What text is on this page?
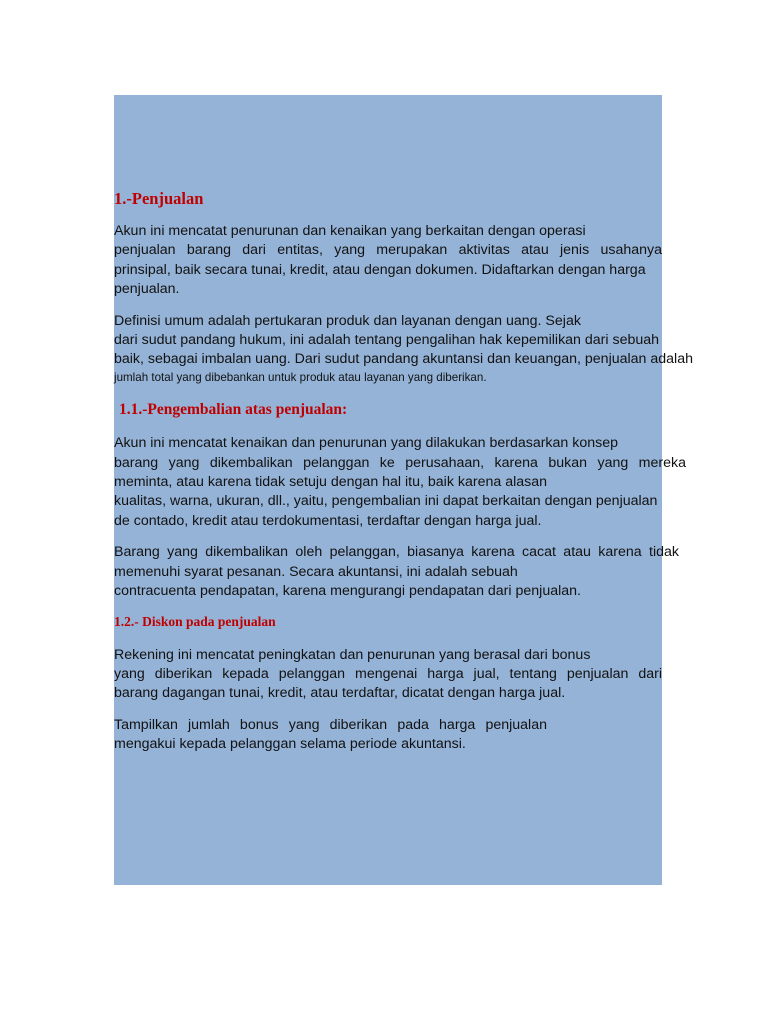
1.-Penjualan
Akun ini mencatat penurunan dan kenaikan yang berkaitan dengan operasi
penjualan barang dari entitas, yang merupakan aktivitas atau jenis usahanya
prinsipal, baik secara tunai, kredit, atau dengan dokumen. Didaftarkan dengan harga
penjualan.
Definisi umum adalah pertukaran produk dan layanan dengan uang. Sejak
dari sudut pandang hukum, ini adalah tentang pengalihan hak kepemilikan dari sebuah
baik, sebagai imbalan uang. Dari sudut pandang akuntansi dan keuangan, penjualan adalah
jumlah total yang dibebankan untuk produk atau layanan yang diberikan.
1.1.-Pengembalian atas penjualan:
Akun ini mencatat kenaikan dan penurunan yang dilakukan berdasarkan konsep
barang yang dikembalikan pelanggan ke perusahaan, karena bukan yang mereka
meminta, atau karena tidak setuju dengan hal itu, baik karena alasan
kualitas, warna, ukuran, dll., yaitu, pengembalian ini dapat berkaitan dengan penjualan
de contado, kredit atau terdokumentasi, terdaftar dengan harga jual.
Barang yang dikembalikan oleh pelanggan, biasanya karena cacat atau karena tidak
memenuhi syarat pesanan. Secara akuntansi, ini adalah sebuah
contracuenta pendapatan, karena mengurangi pendapatan dari penjualan.
1.2.- Diskon pada penjualan
Rekening ini mencatat peningkatan dan penurunan yang berasal dari bonus
yang diberikan kepada pelanggan mengenai harga jual, tentang penjualan dari
barang dagangan tunai, kredit, atau terdaftar, dicatat dengan harga jual.
Tampilkan jumlah bonus yang diberikan pada harga penjualan
mengakui kepada pelanggan selama periode akuntansi.
